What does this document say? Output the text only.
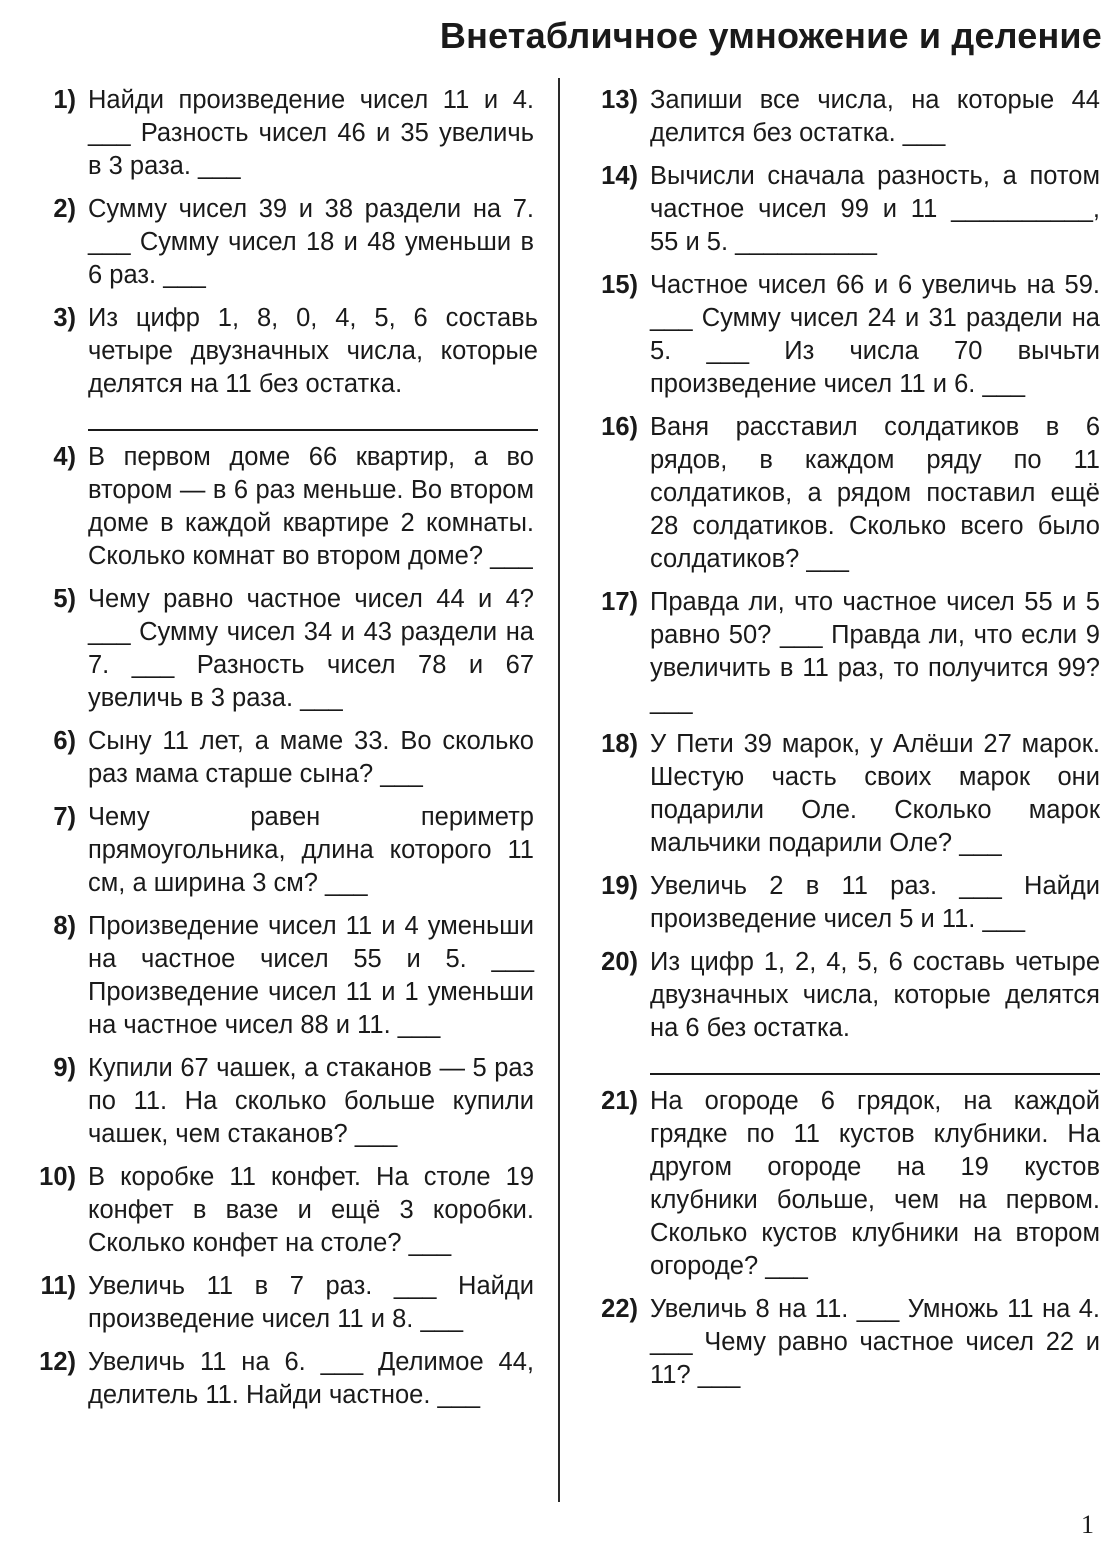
Внетабличное умножение и деление
1) Найди произведение чисел 11 и 4. ___ Разность чисел 46 и 35 увеличь в 3 раза. ___
2) Сумму чисел 39 и 38 раздели на 7. ___ Сумму чисел 18 и 48 уменьши в 6 раз. ___
3) Из цифр 1, 8, 0, 4, 5, 6 составь четыре двузначных числа, которые делятся на 11 без остатка.
4) В первом доме 66 квартир, а во втором — в 6 раз меньше. Во втором доме в каждой квартире 2 комнаты. Сколько комнат во втором доме? ___
5) Чему равно частное чисел 44 и 4? ___ Сумму чисел 34 и 43 раздели на 7. ___ Разность чисел 78 и 67 увеличь в 3 раза. ___
6) Сыну 11 лет, а маме 33. Во сколько раз мама старше сына? ___
7) Чему равен периметр прямоугольника, длина которого 11 см, а ширина 3 см? ___
8) Произведение чисел 11 и 4 уменьши на частное чисел 55 и 5. ___ Произведение чисел 11 и 1 уменьши на частное чисел 88 и 11. ___
9) Купили 67 чашек, а стаканов — 5 раз по 11. На сколько больше купили чашек, чем стаканов? ___
10) В коробке 11 конфет. На столе 19 конфет в вазе и ещё 3 коробки. Сколько конфет на столе? ___
11) Увеличь 11 в 7 раз. ___ Найди произведение чисел 11 и 8. ___
12) Увеличь 11 на 6. ___ Делимое 44, делитель 11. Найди частное. ___
13) Запиши все числа, на которые 44 делится без остатка. ___
14) Вычисли сначала разность, а потом частное чисел 99 и 11 __________, 55 и 5. __________
15) Частное чисел 66 и 6 увеличь на 59. ___ Сумму чисел 24 и 31 раздели на 5. ___ Из числа 70 вычьти произведение чисел 11 и 6. ___
16) Ваня расставил солдатиков в 6 рядов, в каждом ряду по 11 солдатиков, а рядом поставил ещё 28 солдатиков. Сколько всего было солдатиков? ___
17) Правда ли, что частное чисел 55 и 5 равно 50? ___ Правда ли, что если 9 увеличить в 11 раз, то получится 99? ___
18) У Пети 39 марок, у Алёши 27 марок. Шестую часть своих марок они подарили Оле. Сколько марок мальчики подарили Оле? ___
19) Увеличь 2 в 11 раз. ___ Найди произведение чисел 5 и 11. ___
20) Из цифр 1, 2, 4, 5, 6 составь четыре двузначных числа, которые делятся на 6 без остатка.
21) На огороде 6 грядок, на каждой грядке по 11 кустов клубники. На другом огороде на 19 кустов клубники больше, чем на первом. Сколько кустов клубники на втором огороде? ___
22) Увеличь 8 на 11. ___ Умножь 11 на 4. ___ Чему равно частное чисел 22 и 11? ___
1
